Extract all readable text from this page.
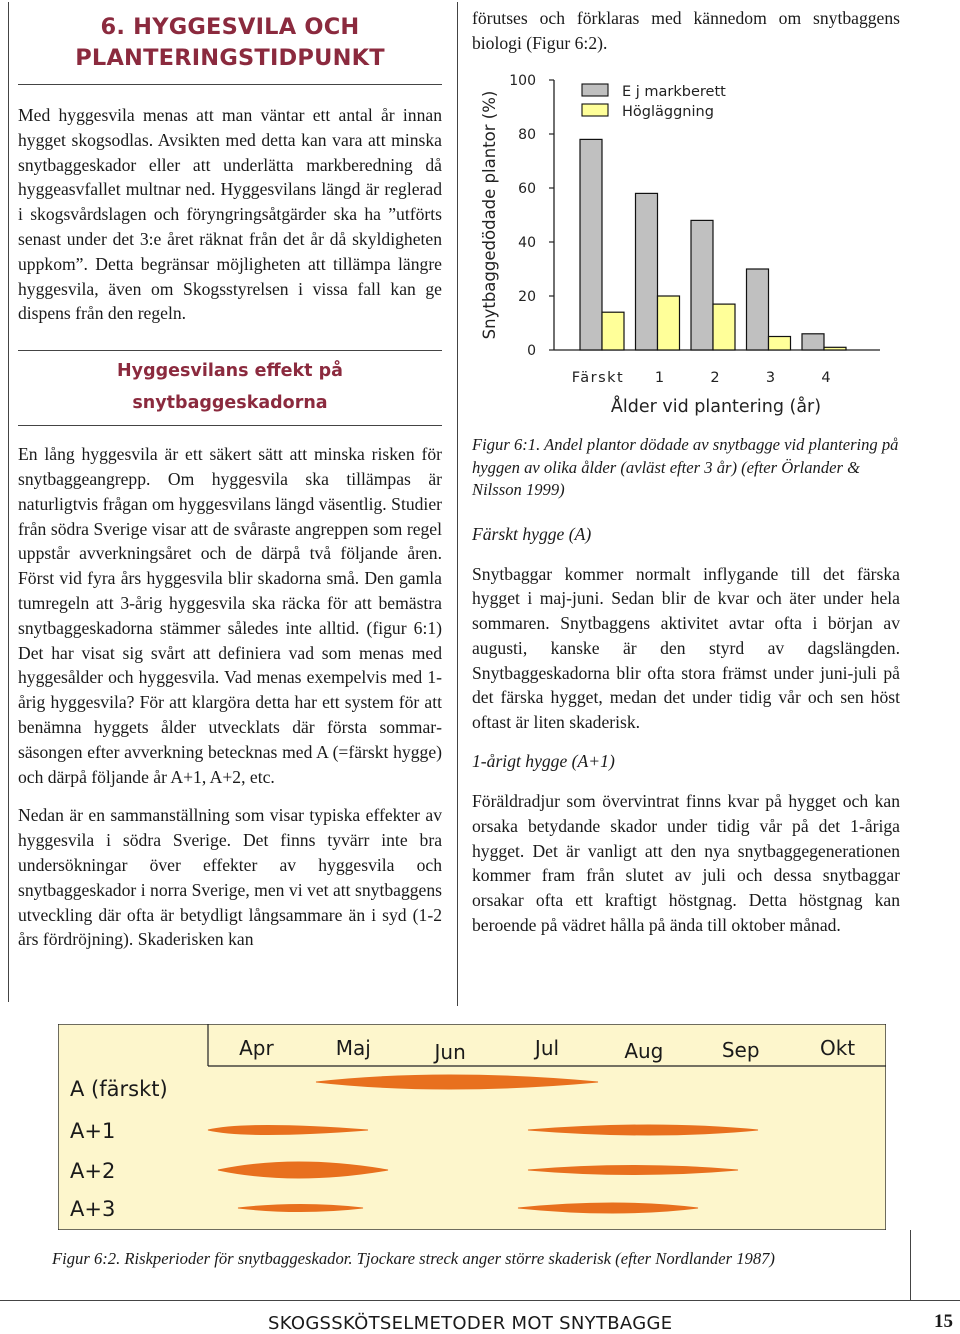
6. HYGGESVILA OCH
PLANTERINGSTIDPUNKT

Med hyggesvila menas att man väntar ett antal år innan hygget skogsodlas. Avsikten med detta kan vara att minska snytbaggeskador eller att underlätta markberedning då hyggeasvfallet multnar ned. Hyggesvilans längd är reglerad i skogsvårdslagen och föryngringsåtgärder ska ha ”utförts senast under det 3:e året räknat från det år då skyldigheten uppkom”. Detta begränsar möjligheten att tillämpa längre hyggesvila, även om Skogsstyrelsen i vissa fall kan ge dispens från den regeln.

Hyggesvilans effekt på
snytbaggeskadorna

En lång hyggesvila är ett säkert sätt att minska risken för snytbaggeangrepp. Om hyggesvila ska tillämpas är naturligtvis frågan om hyggesvilans längd väsentlig. Studier från södra Sverige visar att de svåraste angreppen som regel uppstår avverkningsåret och de därpå två följande åren. Först vid fyra års hyggesvila blir skadorna små. Den gamla tumregeln att 3-årig hyggesvila ska räcka för att bemästra snytbaggeskadorna stämmer således inte alltid. (figur 6:1) Det har visat sig svårt att definiera vad som menas med hyggesålder och hyggesvila. Vad menas exempelvis med 1-årig hyggesvila? För att klargöra detta har ett system för att benämna hyggets ålder utvecklats där första sommarsäsongen efter avverkning betecknas med A (=färskt hygge) och därpå följande år A+1, A+2, etc.

Nedan är en sammanställning som visar typiska effekter av hyggesvila i södra Sverige. Det finns tyvärr inte bra undersökningar över effekter av hyggesvila och snytbaggeskador i norra Sverige, men vi vet att snytbaggens utveckling där ofta är betydligt långsammare än i syd (1-2 års fördröjning). Skaderisken kan

förutses och förklaras med kännedom om snytbaggens biologi (Figur 6:2).

100
80
60
40
20
0
Snytbaggedödade plantor (%)
Färskt 1	2	3	4
Ålder vid plantering (år)
E j markberett
Högläggning

Figur 6:1. Andel plantor dödade av snytbagge vid plantering på hyggen av olika ålder (avläst efter 3 år) (efter Örlander & Nilsson 1999)

Färskt hygge (A)

Snytbaggar kommer normalt inflygande till det färska hygget i maj-juni. Sedan blir de kvar och äter under hela sommaren. Snytbaggens aktivitet avtar ofta i början av augusti, kanske är den styrd av dagslängden. Snytbaggeskadorna blir ofta stora främst under juni-juli på det färska hygget, medan det under tidig vår och sen höst oftast är liten skaderisk.

1-årigt hygge (A+1)

Föräldradjur som övervintrat finns kvar på hygget och kan orsaka betydande skador under tidig vår på det 1-åriga hygget. Det är vanligt att den nya snytbaggegenerationen kommer fram från slutet av juli och dessa snytbaggar orsakar ofta ett kraftigt höstgnag. Detta höstgnag kan beroende på vädret hålla på ända till oktober månad.

Apr	Maj	Jun	Jul	Aug	Sep	Okt
A (färskt)
A+1
A+2
A+3

Figur 6:2. Riskperioder för snytbaggeskador. Tjockare streck anger större skaderisk (efter Nordlander 1987)

SKOGSSKÖTSELMETODER MOT SNYTBAGGE	15
